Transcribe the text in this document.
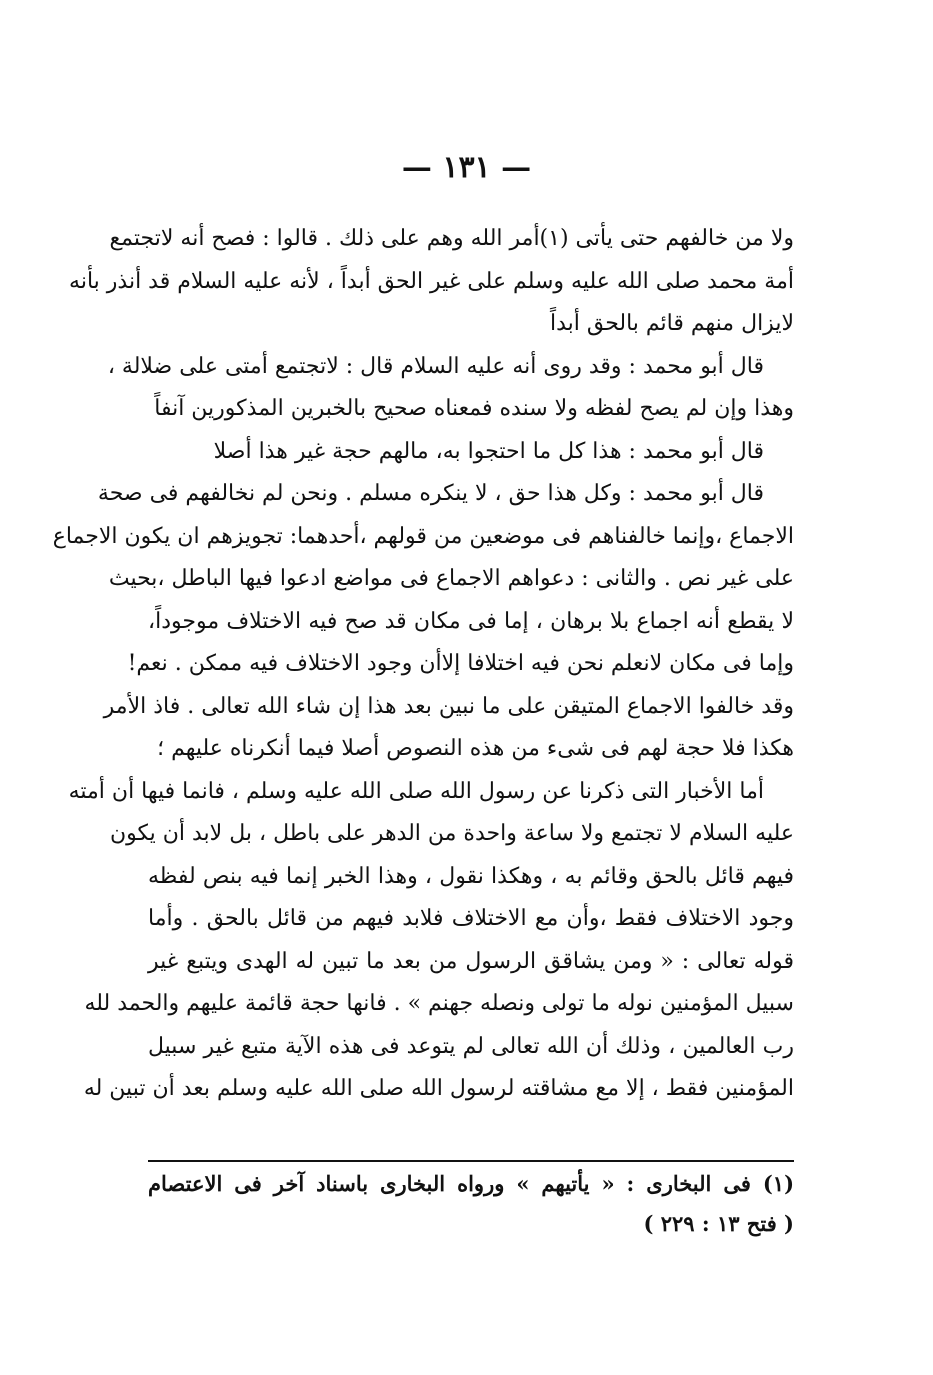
— ١٣١ —
ولا من خالفهم حتى يأتى (١)أمر الله وهم على ذلك . قالوا : فصح أنه لاتجتمع
أمة محمد صلى الله عليه وسلم على غير الحق أبداً ، لأنه عليه السلام قد أنذر بأنه
لايزال منهم قائم بالحق أبداً
قال أبو محمد : وقد روى أنه عليه السلام قال : لاتجتمع أمتى على ضلالة ،
وهذا وإن لم يصح لفظه ولا سنده فمعناه صحيح بالخبرين المذكورين آنفاً
قال أبو محمد : هذا كل ما احتجوا به، مالهم حجة غير هذا أصلا
قال أبو محمد : وكل هذا حق ، لا ينكره مسلم . ونحن لم نخالفهم فى صحة
الاجماع ،وإنما خالفناهم فى موضعين من قولهم ،أحدهما: تجويزهم ان يكون الاجماع
على غير نص . والثانى : دعواهم الاجماع فى مواضع ادعوا فيها الباطل ،بحيث
لا يقطع أنه اجماع بلا برهان ، إما فى مكان قد صح فيه الاختلاف موجوداً،
وإما فى مكان لانعلم نحن فيه اختلافا إلاأن وجود الاختلاف فيه ممكن . نعم!
وقد خالفوا الاجماع المتيقن على ما نبين بعد هذا إن شاء الله تعالى . فاذ الأمر
هكذا فلا حجة لهم فى شىء من هذه النصوص أصلا فيما أنكرناه عليهم ؛
أما الأخبار التى ذكرنا عن رسول الله صلى الله عليه وسلم ، فانما فيها أن أمته
عليه السلام لا تجتمع ولا ساعة واحدة من الدهر على باطل ، بل لابد أن يكون
فيهم قائل بالحق وقائم به ، وهكذا نقول ، وهذا الخبر إنما فيه بنص لفظه
وجود الاختلاف فقط ،وأن مع الاختلاف فلابد فيهم من قائل بالحق . وأما
قوله تعالى : « ومن يشاقق الرسول من بعد ما تبين له الهدى ويتبع غير
سبيل المؤمنين نوله ما تولى ونصله جهنم » . فانها حجة قائمة عليهم والحمد لله
رب العالمين ، وذلك أن الله تعالى لم يتوعد فى هذه الآية متبع غير سبيل
المؤمنين فقط ، إلا مع مشاقته لرسول الله صلى الله عليه وسلم بعد أن تبين له
(١) فى البخارى : « يأتيهم » ورواه البخارى باسناد آخر فى الاعتصام
( فتح ١٣ : ٢٢٩ )
